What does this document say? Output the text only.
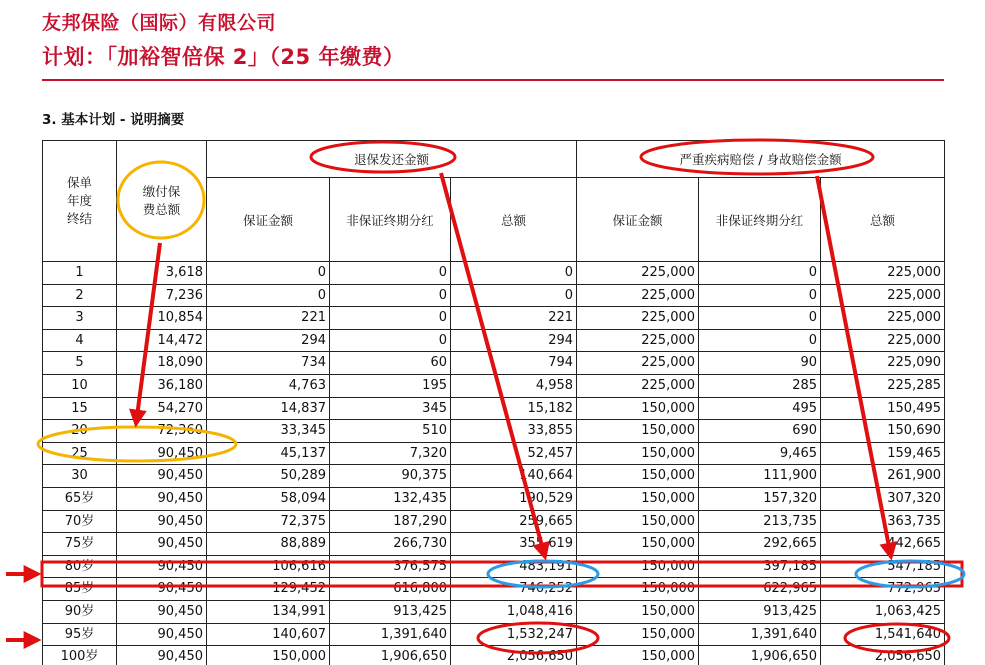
友邦保险（国际）有限公司
计划：「加裕智倍保 2」（25 年缴费）
3. 基本计划 - 说明摘要
保单年度终结	缴付保费总额	退保发还金额			严重疾病赔偿 / 身故赔偿金额		
		保证金额	非保证终期分红	总额	保证金额	非保证终期分红	总额
1	3,618	0	0	0	225,000	0	225,000
2	7,236	0	0	0	225,000	0	225,000
3	10,854	221	0	221	225,000	0	225,000
4	14,472	294	0	294	225,000	0	225,000
5	18,090	734	60	794	225,000	90	225,090
10	36,180	4,763	195	4,958	225,000	285	225,285
15	54,270	14,837	345	15,182	150,000	495	150,495
20	72,360	33,345	510	33,855	150,000	690	150,690
25	90,450	45,137	7,320	52,457	150,000	9,465	159,465
30	90,450	50,289	90,375	140,664	150,000	111,900	261,900
65岁	90,450	58,094	132,435	190,529	150,000	157,320	307,320
70岁	90,450	72,375	187,290	259,665	150,000	213,735	363,735
75岁	90,450	88,889	266,730	355,619	150,000	292,665	442,665
80岁	90,450	106,616	376,575	483,191	150,000	397,185	547,185
85岁	90,450	129,452	616,800	746,252	150,000	622,965	772,965
90岁	90,450	134,991	913,425	1,048,416	150,000	913,425	1,063,425
95岁	90,450	140,607	1,391,640	1,532,247	150,000	1,391,640	1,541,640
100岁	90,450	150,000	1,906,650	2,056,650	150,000	1,906,650	2,056,650
